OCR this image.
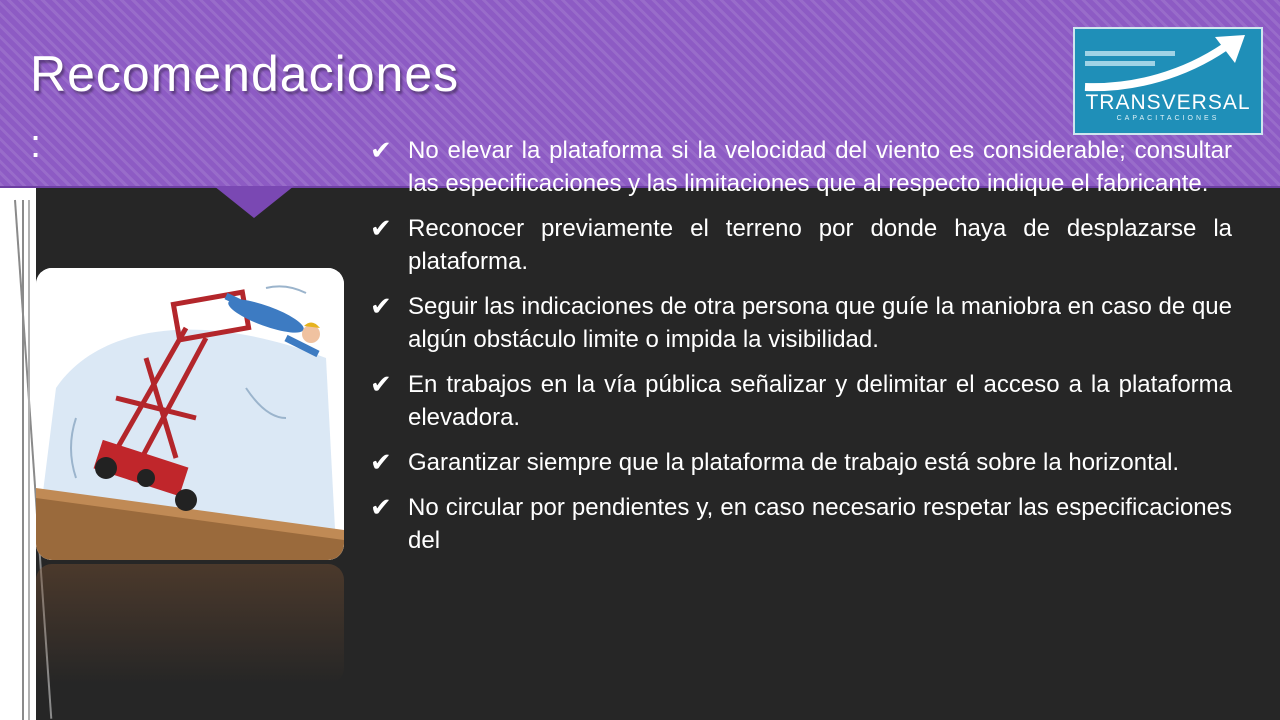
Recomendaciones
:
TRANSVERSAL
CAPACITACIONES
✔ No elevar la plataforma si la velocidad del viento es considerable; consultar las especificaciones y las limitaciones que al respecto indique el fabricante.
✔ Reconocer previamente el terreno por donde haya de desplazarse la plataforma.
✔ Seguir las indicaciones de otra persona que guíe la maniobra en caso de que algún obstáculo limite o impida la visibilidad.
✔ En trabajos en la vía pública señalizar y delimitar el acceso a la plataforma elevadora.
✔ Garantizar siempre que la plataforma de trabajo está sobre la horizontal.
✔ No circular por pendientes y, en caso necesario respetar las especificaciones del
